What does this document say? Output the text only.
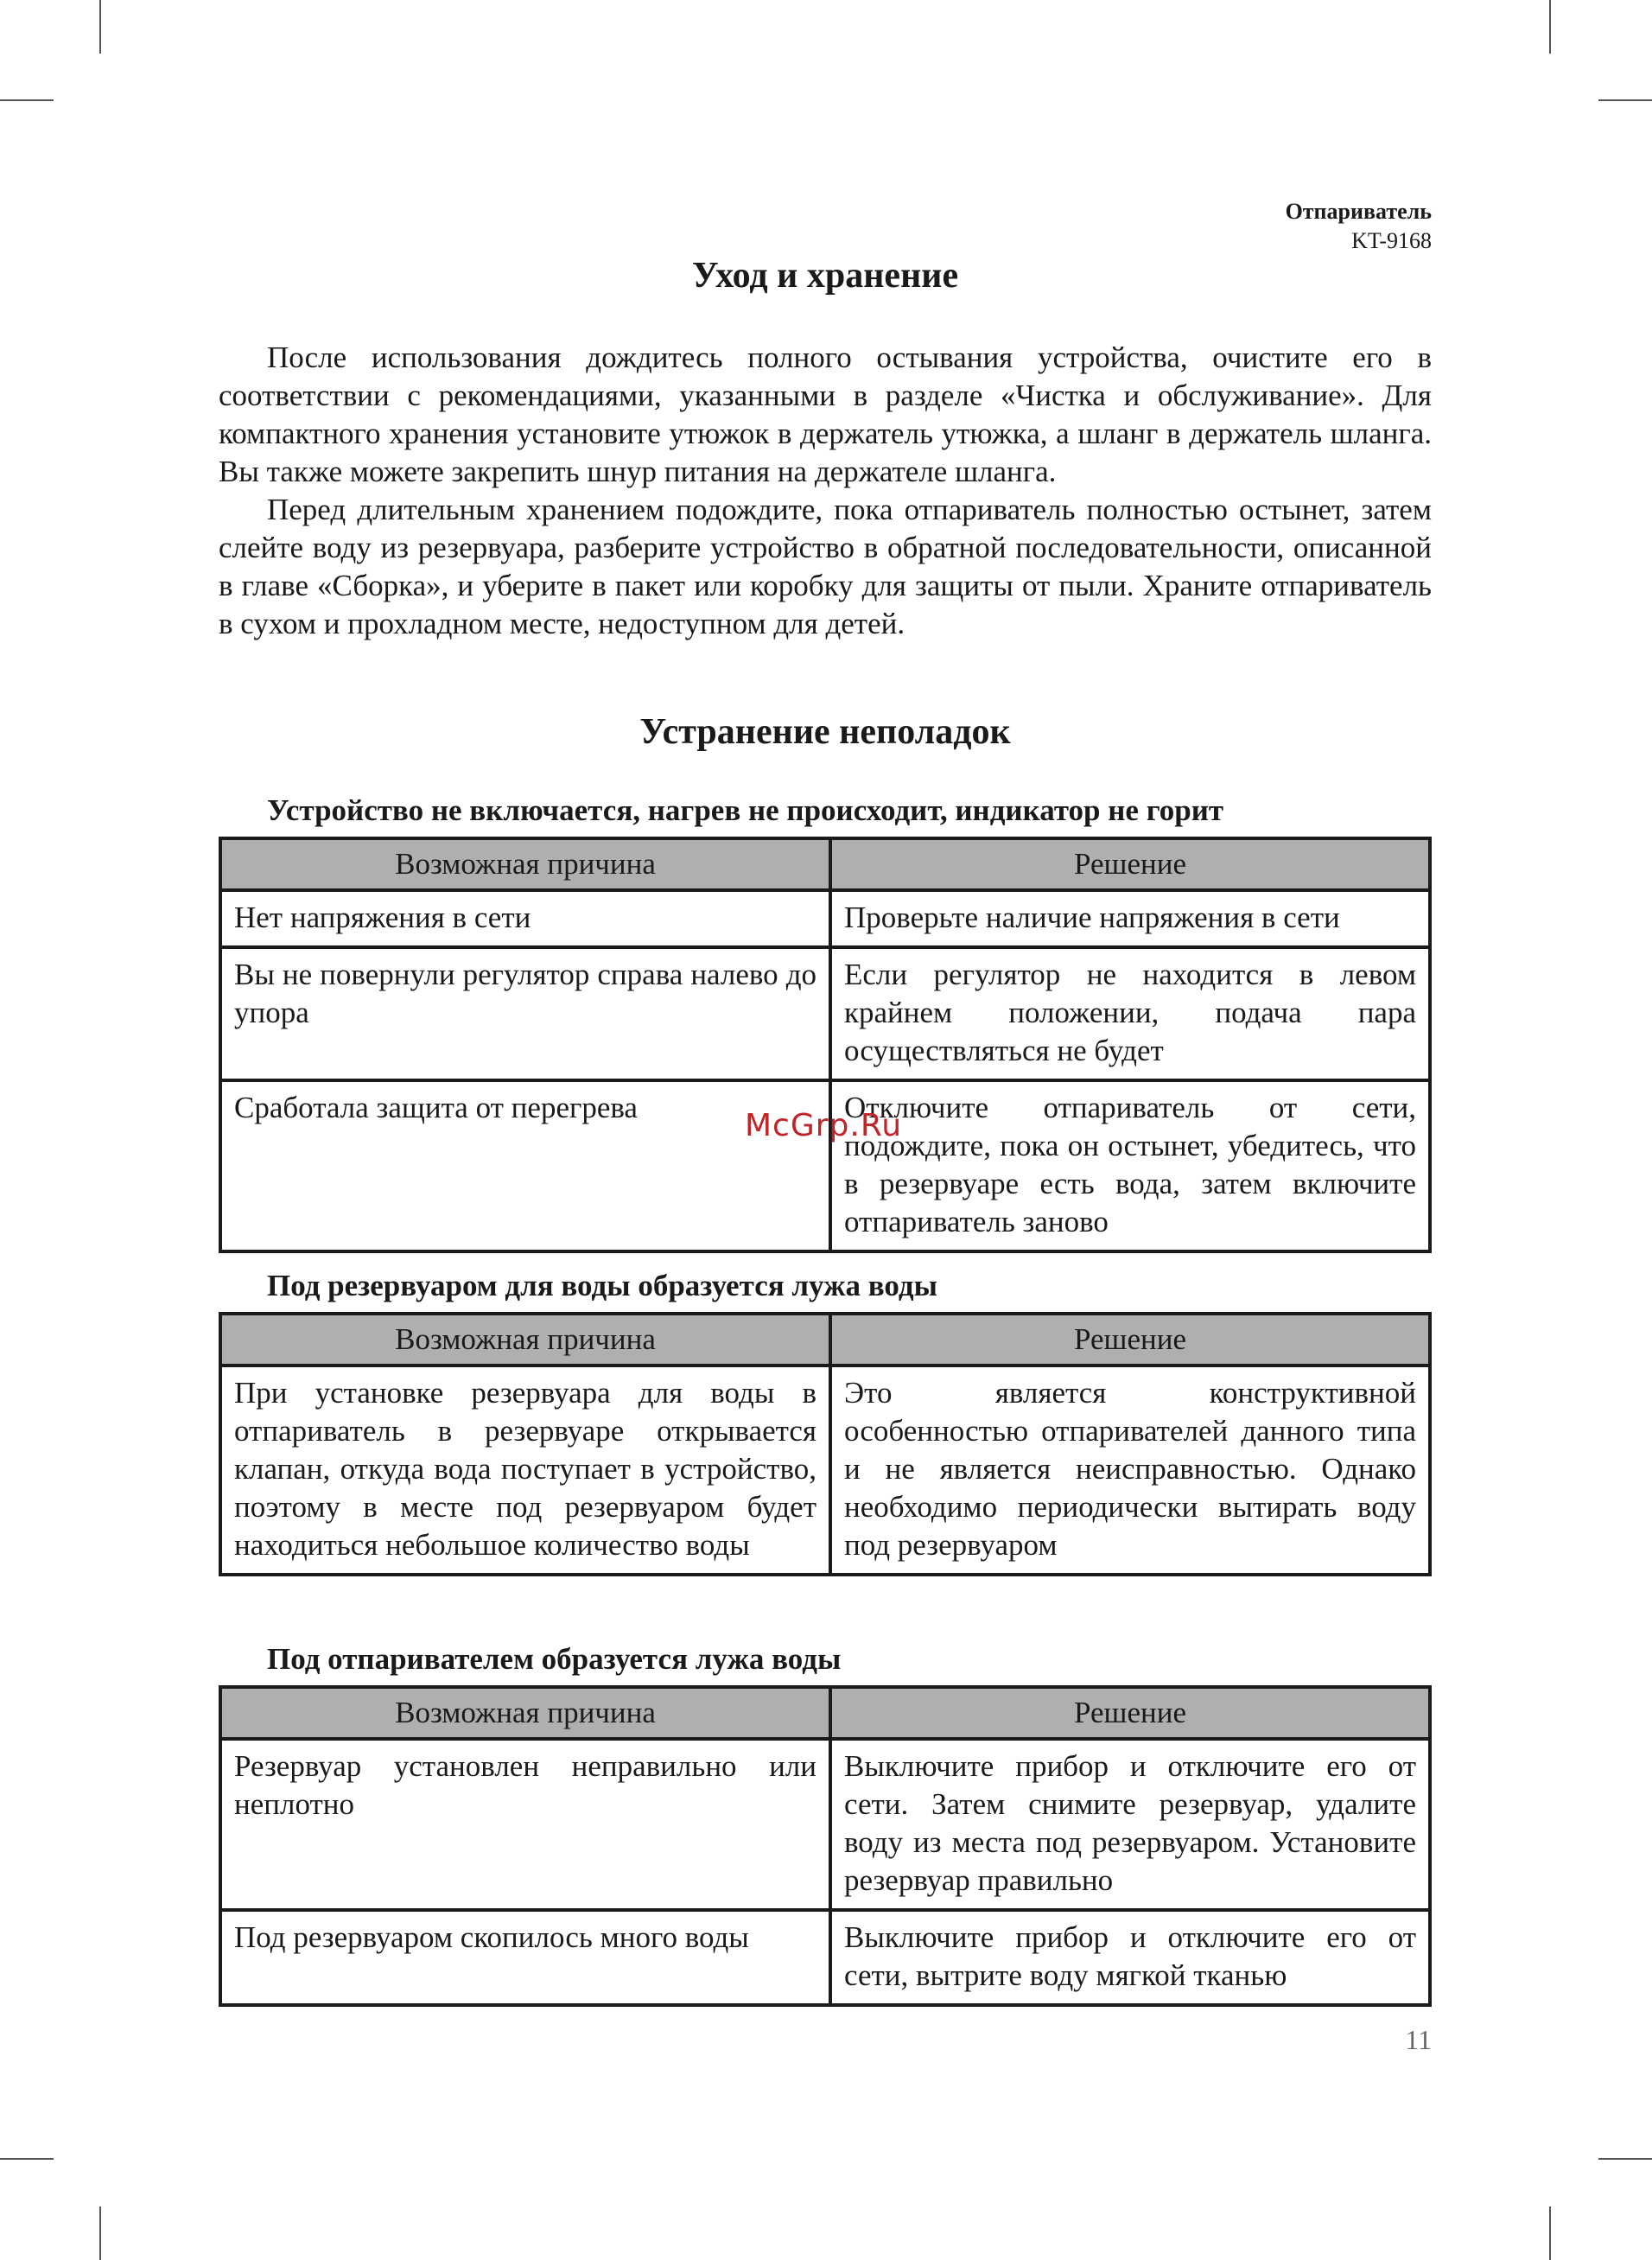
Отпариватель
KT-9168
Уход и хранение

После использования дождитесь полного остывания устройства, очистите его в соответствии с рекомендациями, указанными в разделе «Чистка и обслуживание». Для компактного хранения установите утюжок в держатель утюжка, а шланг в держатель шланга. Вы также можете закрепить шнур питания на держателе шланга.

Перед длительным хранением подождите, пока отпариватель полностью остынет, затем слейте воду из резервуара, разберите устройство в обратной последовательности, описанной в главе «Сборка», и уберите в пакет или коробку для защиты от пыли. Храните отпариватель в сухом и прохладном месте, недоступном для детей.

Устранение неполадок
Устройство не включается, нагрев не происходит, индикатор не горит
Возможная причина	Решение
Нет напряжения в сети	Проверьте наличие напряжения в сети
Вы не повернули регулятор справа налево до упора	Если регулятор не находится в левом крайнем положении, подача пара осуществляться не будет
Сработала защита от перегрева	Отключите отпариватель от сети, подождите, пока он остынет, убедитесь, что в резервуаре есть вода, затем включите отпариватель заново
Под резервуаром для воды образуется лужа воды
Возможная причина	Решение
При установке резервуара для воды в отпариватель в резервуаре открывается клапан, откуда вода поступает в устройство, поэтому в месте под резервуаром будет находиться небольшое количество воды	Это является конструктивной особенностью отпаривателей данного типа и не является неисправностью. Однако необходимо периодически вытирать воду под резервуаром
Под отпаривателем образуется лужа воды
Возможная причина	Решение
Резервуар установлен неправильно или неплотно	Выключите прибор и отключите его от сети. Затем снимите резервуар, удалите воду из места под резервуаром. Установите резервуар правильно
Под резервуаром скопилось много воды	Выключите прибор и отключите его от сети, вытрите воду мягкой тканью
McGrp.Ru
11
